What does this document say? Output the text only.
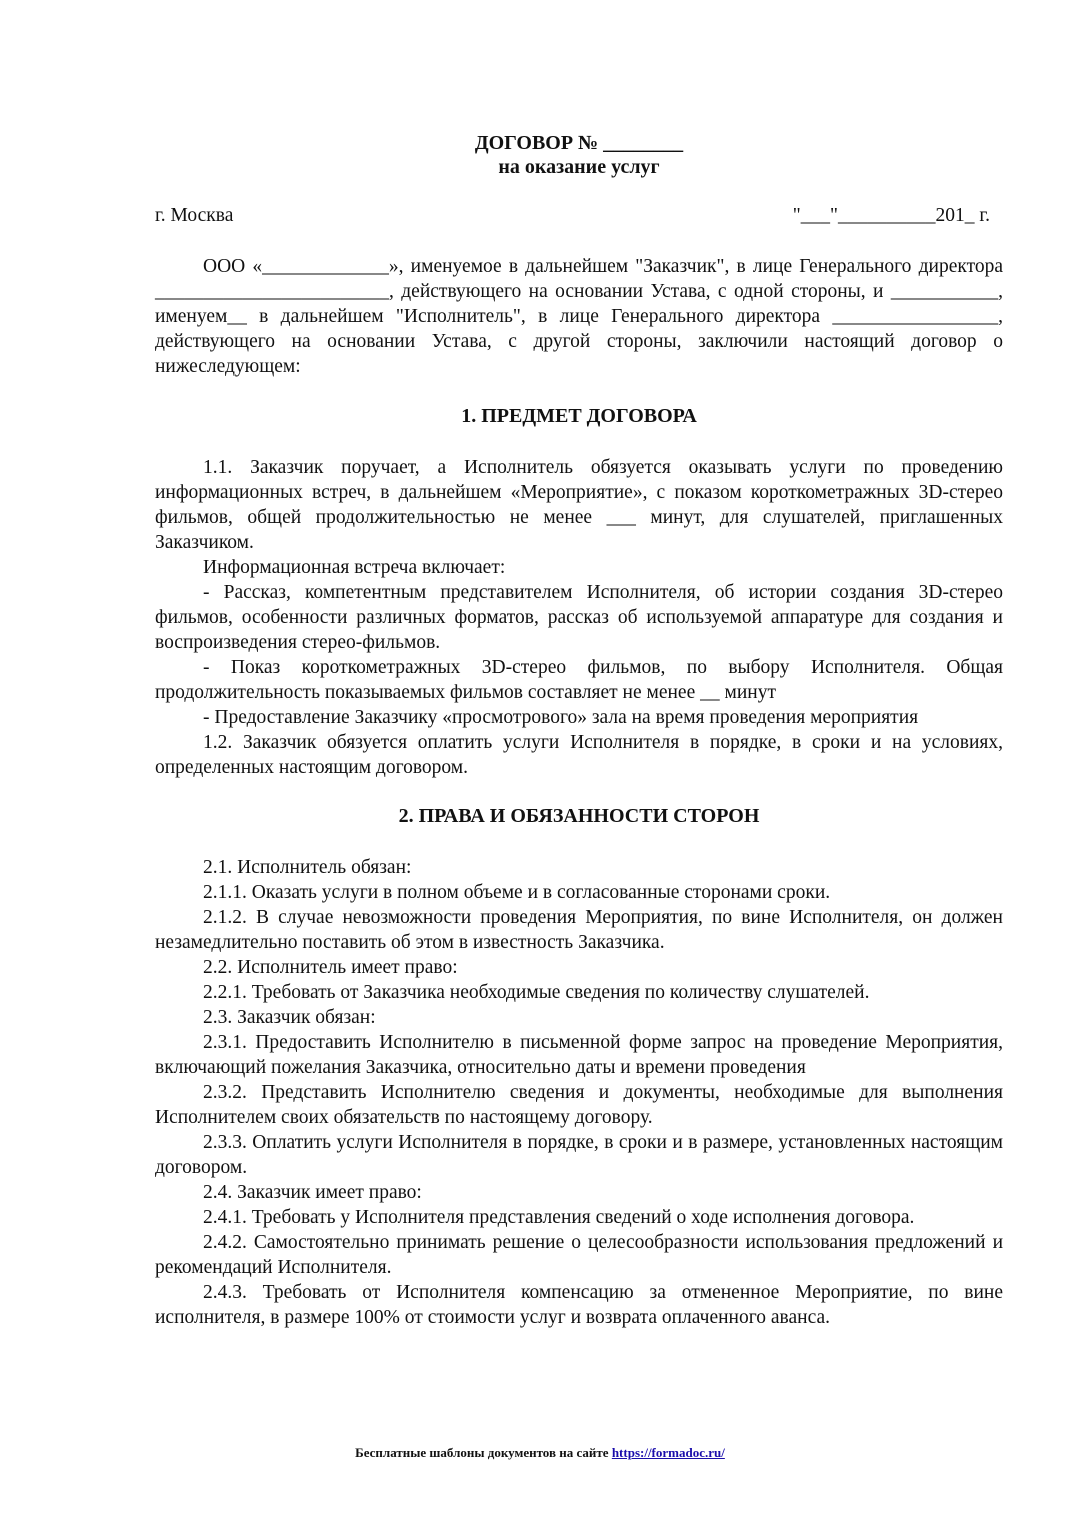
ДОГОВОР № ________
на оказание услуг
г. Москва	"___"__________201_ г.

ООО «_____________», именуемое в дальнейшем "Заказчик", в лице Генерального директора ________________________, действующего на основании Устава, с одной стороны, и ___________, именуем__ в дальнейшем "Исполнитель", в лице Генерального директора _________________, действующего на основании Устава, с другой стороны, заключили настоящий договор о нижеследующем:

1. ПРЕДМЕТ ДОГОВОРА

1.1. Заказчик поручает, а Исполнитель обязуется оказывать услуги по проведению информационных встреч, в дальнейшем «Мероприятие», с показом короткометражных 3D-стерео фильмов, общей продолжительностью не менее ___ минут, для слушателей, приглашенных Заказчиком.

Информационная встреча включает:

- Рассказ, компетентным представителем Исполнителя, об истории создания 3D-стерео фильмов, особенности различных форматов, рассказ об используемой аппаратуре для создания и воспроизведения стерео-фильмов.

- Показ короткометражных 3D-стерео фильмов, по выбору Исполнителя. Общая продолжительность показываемых фильмов составляет не менее __ минут

- Предоставление Заказчику «просмотрового» зала на время проведения мероприятия

1.2. Заказчик обязуется оплатить услуги Исполнителя в порядке, в сроки и на условиях, определенных настоящим договором.

2. ПРАВА И ОБЯЗАННОСТИ СТОРОН

2.1. Исполнитель обязан:

2.1.1. Оказать услуги в полном объеме и в согласованные сторонами сроки.

2.1.2. В случае невозможности проведения Мероприятия, по вине Исполнителя, он должен незамедлительно поставить об этом в известность Заказчика.

2.2. Исполнитель имеет право:

2.2.1. Требовать от Заказчика необходимые сведения по количеству слушателей.

2.3. Заказчик обязан:

2.3.1. Предоставить Исполнителю в письменной форме запрос на проведение Мероприятия, включающий пожелания Заказчика, относительно даты и времени проведения

2.3.2. Представить Исполнителю сведения и документы, необходимые для выполнения Исполнителем своих обязательств по настоящему договору.

2.3.3. Оплатить услуги Исполнителя в порядке, в сроки и в размере, установленных настоящим договором.

2.4. Заказчик имеет право:

2.4.1. Требовать у Исполнителя представления сведений о ходе исполнения договора.

2.4.2. Самостоятельно принимать решение о целесообразности использования предложений и рекомендаций Исполнителя.

2.4.3. Требовать от Исполнителя компенсацию за отмененное Мероприятие, по вине исполнителя, в размере 100% от стоимости услуг и возврата оплаченного аванса.

Бесплатные шаблоны документов на сайте https://formadoc.ru/
